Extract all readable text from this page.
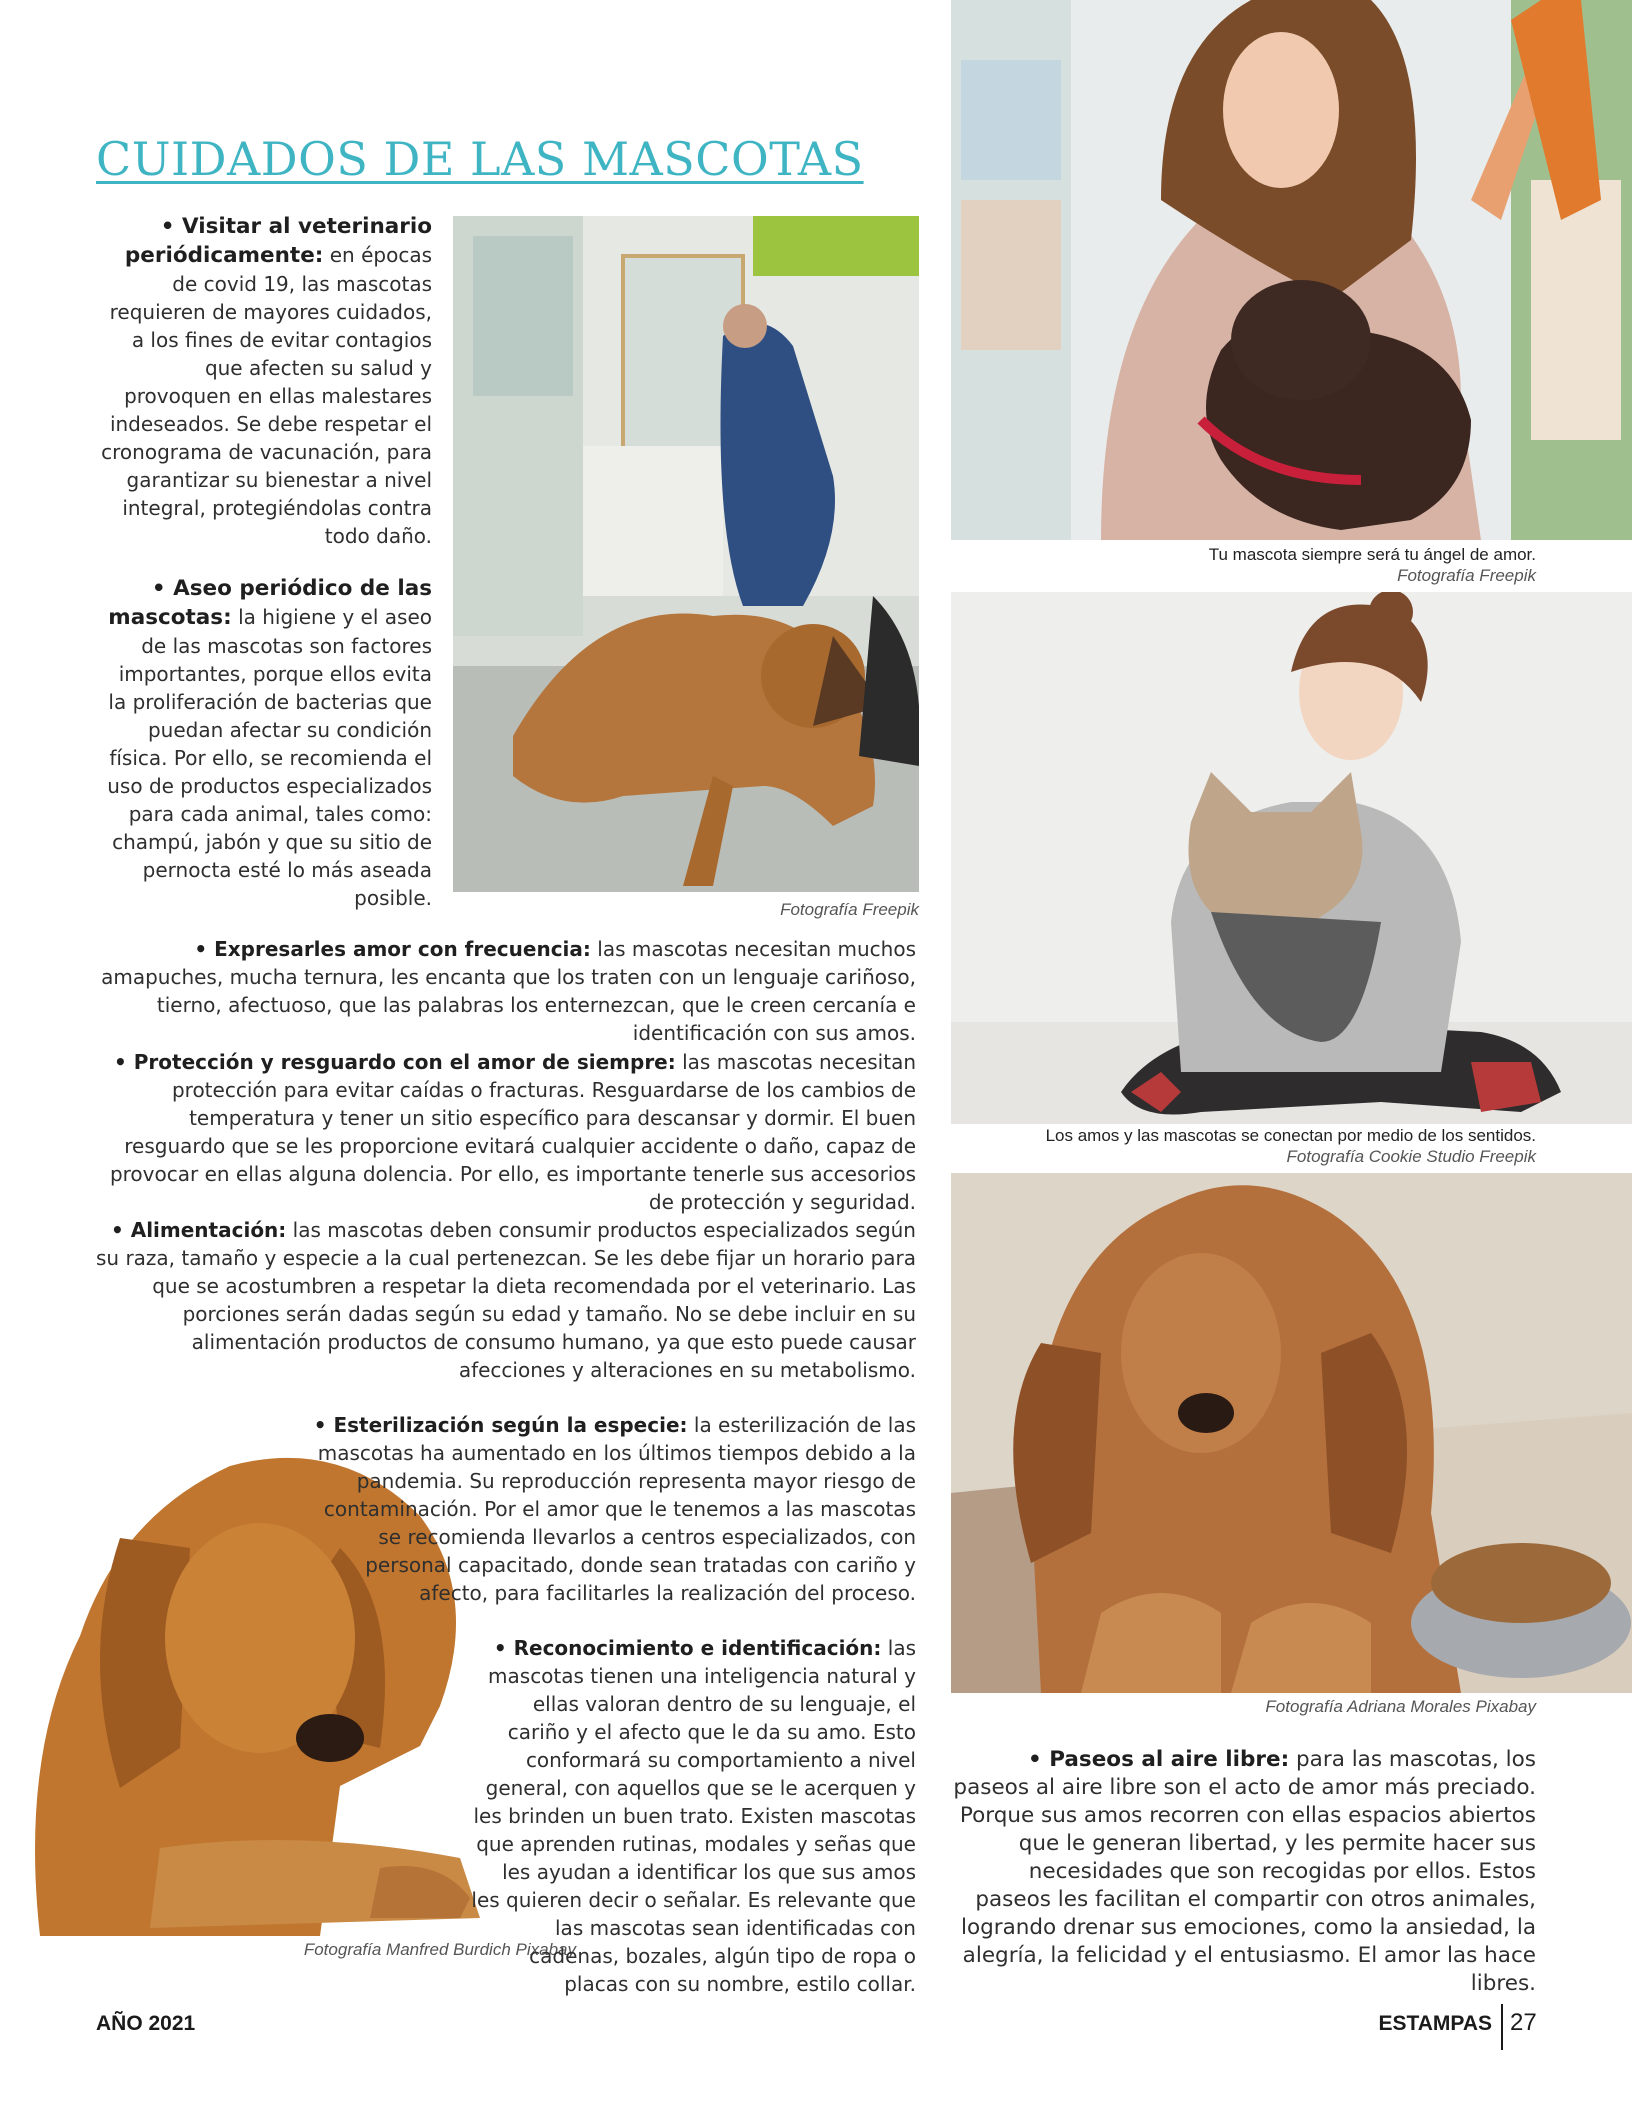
CUIDADOS DE LAS MASCOTAS
Fotografía Freepik
Tu mascota siempre será tu ángel de amor.
Fotografía Freepik
Los amos y las mascotas se conectan por medio de los sentidos.
Fotografía Cookie Studio Freepik
Fotografía Adriana Morales Pixabay
Fotografía Manfred Burdich Pixabay
• Visitar al veterinario periódicamente: en épocas de covid 19, las mascotas requieren de mayores cuidados, a los fines de evitar contagios que afecten su salud y provoquen en ellas malestares indeseados. Se debe respetar el cronograma de vacunación, para garantizar su bienestar a nivel integral, protegiéndolas contra todo daño.
• Aseo periódico de las mascotas: la higiene y el aseo de las mascotas son factores importantes, porque ellos evita la proliferación de bacterias que puedan afectar su condición física. Por ello, se recomienda el uso de productos especializados para cada animal, tales como: champú, jabón y que su sitio de pernocta esté lo más aseada posible.
• Expresarles amor con frecuencia: las mascotas necesitan muchos amapuches, mucha ternura, les encanta que los traten con un lenguaje cariñoso, tierno, afectuoso, que las palabras los enternezcan, que le creen cercanía e identificación con sus amos.
• Protección y resguardo con el amor de siempre: las mascotas necesitan protección para evitar caídas o fracturas. Resguardarse de los cambios de temperatura y tener un sitio específico para descansar y dormir. El buen resguardo que se les proporcione evitará cualquier accidente o daño, capaz de provocar en ellas alguna dolencia. Por ello, es importante tenerle sus accesorios de protección y seguridad.
• Alimentación: las mascotas deben consumir productos especializados según su raza, tamaño y especie a la cual pertenezcan. Se les debe fijar un horario para que se acostumbren a respetar la dieta recomendada por el veterinario. Las porciones serán dadas según su edad y tamaño. No se debe incluir en su alimentación productos de consumo humano, ya que esto puede causar afecciones y alteraciones en su metabolismo.
• Esterilización según la especie: la esterilización de las mascotas ha aumentado en los últimos tiempos debido a la pandemia. Su reproducción representa mayor riesgo de contaminación. Por el amor que le tenemos a las mascotas se recomienda llevarlos a centros especializados, con personal capacitado, donde sean tratadas con cariño y afecto, para facilitarles la realización del proceso.
• Reconocimiento e identificación: las mascotas tienen una inteligencia natural y ellas valoran dentro de su lenguaje, el cariño y el afecto que le da su amo. Esto conformará su comportamiento a nivel general, con aquellos que se le acerquen y les brinden un buen trato. Existen mascotas que aprenden rutinas, modales y señas que les ayudan a identificar los que sus amos les quieren decir o señalar. Es relevante que las mascotas sean identificadas con cadenas, bozales, algún tipo de ropa o placas con su nombre, estilo collar.
• Paseos al aire libre: para las mascotas, los paseos al aire libre son el acto de amor más preciado. Porque sus amos recorren con ellas espacios abiertos que le generan libertad, y les permite hacer sus necesidades que son recogidas por ellos. Estos paseos les facilitan el compartir con otros animales, logrando drenar sus emociones, como la ansiedad, la alegría, la felicidad y el entusiasmo. El amor las hace libres.
AÑO 2021	ESTAMPAS 27
